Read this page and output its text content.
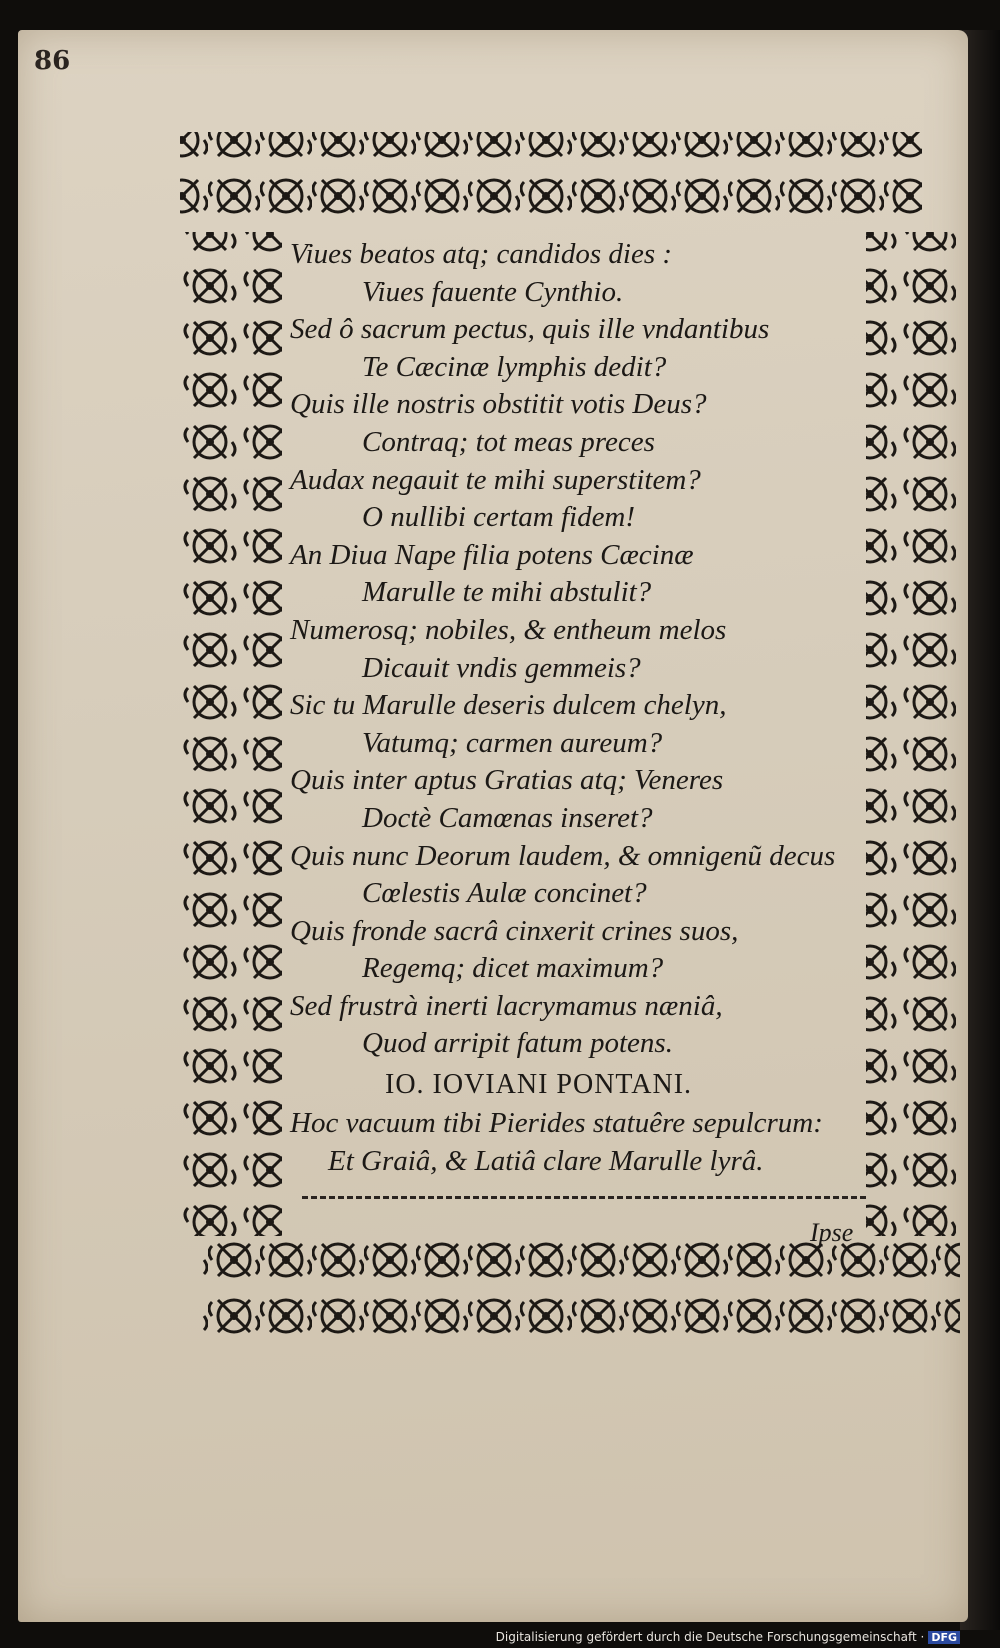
86
Viues beatos atq; candidos dies :
Viues fauente Cynthio.
Sed ô sacrum pectus, quis ille vndantibus
Te Cæcinæ lymphis dedit?
Quis ille nostris obstitit votis Deus?
Contraq; tot meas preces
Audax negauit te mihi superstitem?
O nullibi certam fidem!
An Diua Nape filia potens Cæcinæ
Marulle te mihi abstulit?
Numerosq; nobiles, & entheum melos
Dicauit vndis gemmeis?
Sic tu Marulle deseris dulcem chelyn,
Vatumq; carmen aureum?
Quis inter aptus Gratias atq; Veneres
Doctè Camœnas inseret?
Quis nunc Deorum laudem, & omnigenũ decus
Cœlestis Aulæ concinet?
Quis fronde sacrâ cinxerit crines suos,
Regemq; dicet maximum?
Sed frustrà inerti lacrymamus næniâ,
Quod arripit fatum potens.
IO. IOVIANI PONTANI.
Hoc vacuum tibi Pierides statuêre sepulcrum:
Et Graiâ, & Latiâ clare Marulle lyrâ.
Ipse
Digitalisierung gefördert durch die Deutsche Forschungsgemeinschaft · DFG
